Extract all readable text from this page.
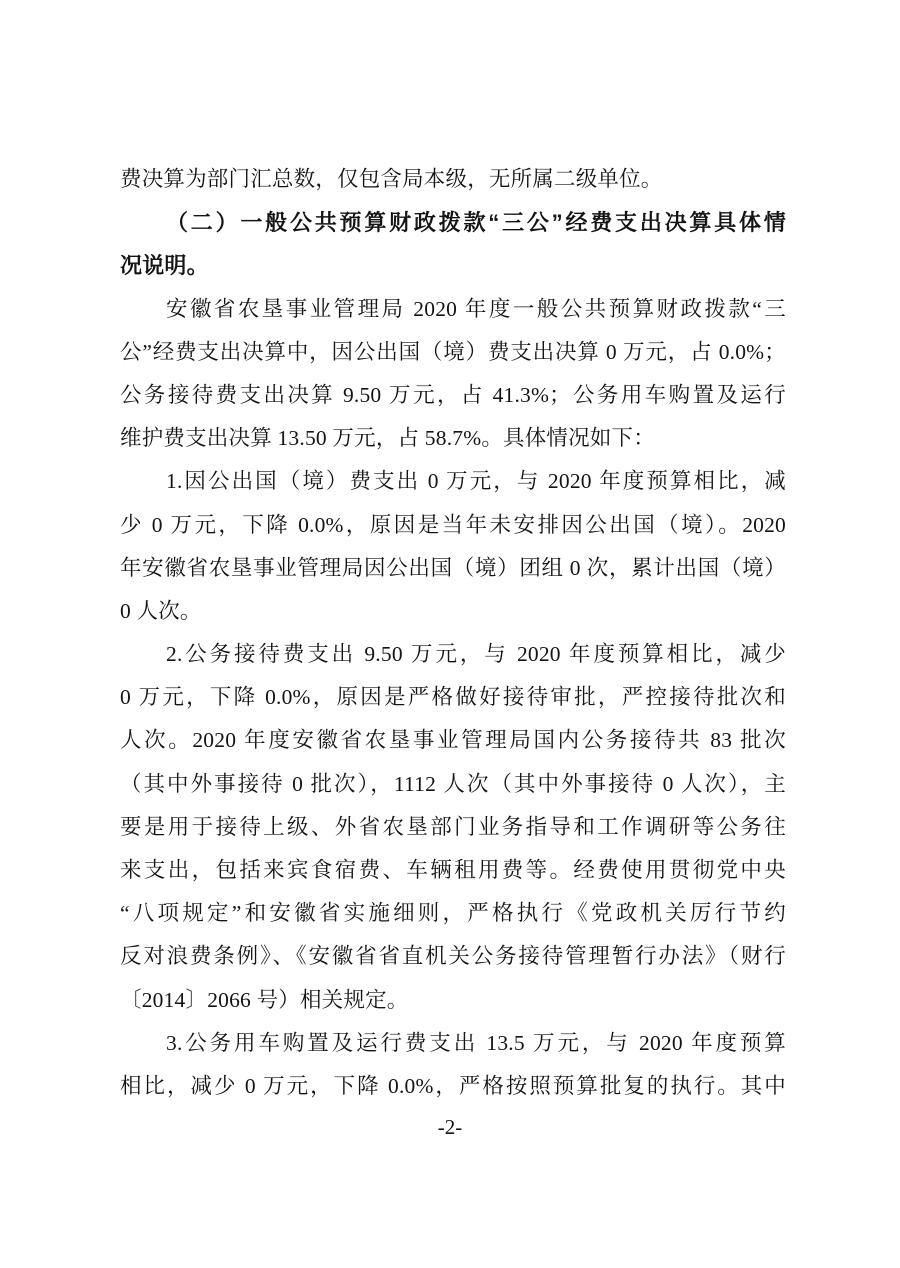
费决算为部门汇总数，仅包含局本级，无所属二级单位。
（二）一般公共预算财政拨款“三公”经费支出决算具体情
况说明。
安徽省农垦事业管理局 2020 年度一般公共预算财政拨款“三
公”经费支出决算中，因公出国（境）费支出决算 0 万元，占 0.0%；
公务接待费支出决算 9.50 万元，占 41.3%；公务用车购置及运行
维护费支出决算 13.50 万元，占 58.7%。具体情况如下：
1.因公出国（境）费支出 0 万元，与 2020 年度预算相比，减
少 0 万元，下降 0.0%，原因是当年未安排因公出国（境）。2020
年安徽省农垦事业管理局因公出国（境）团组 0 次，累计出国（境）
0 人次。
2.公务接待费支出 9.50 万元，与 2020 年度预算相比，减少
0 万元，下降 0.0%，原因是严格做好接待审批，严控接待批次和
人次。2020 年度安徽省农垦事业管理局国内公务接待共 83 批次
（其中外事接待 0 批次），1112 人次（其中外事接待 0 人次），主
要是用于接待上级、外省农垦部门业务指导和工作调研等公务往
来支出，包括来宾食宿费、车辆租用费等。经费使用贯彻党中央
“八项规定”和安徽省实施细则，严格执行《党政机关厉行节约
反对浪费条例》、《安徽省省直机关公务接待管理暂行办法》（财行
〔2014〕2066 号）相关规定。
3.公务用车购置及运行费支出 13.5 万元，与 2020 年度预算
相比，减少 0 万元，下降 0.0%，严格按照预算批复的执行。其中
-2-
